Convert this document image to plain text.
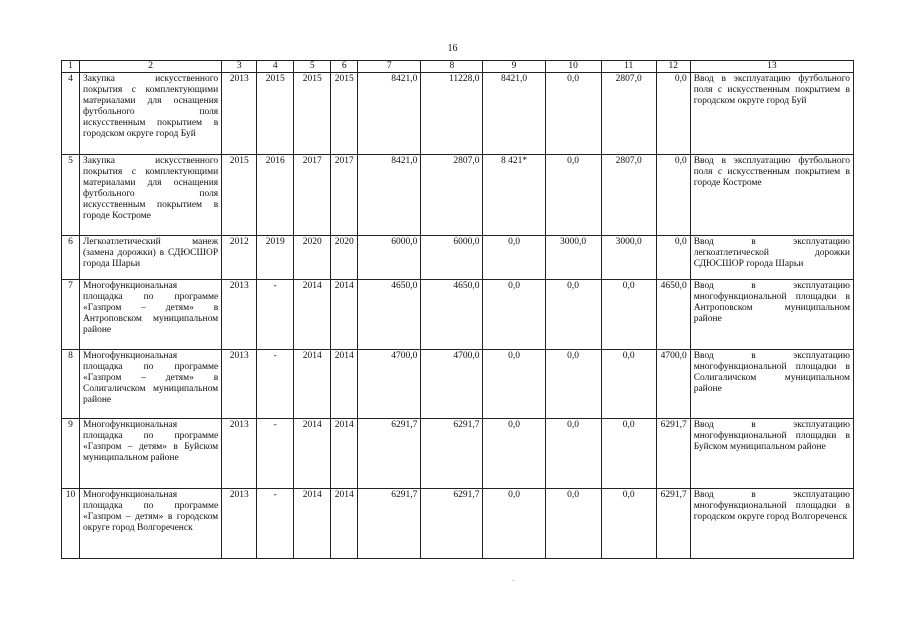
16
1	2	3	4	5	6	7	8	9	10	11	12	13
4	Закупка искусственного покрытия с комплектующими материалами для оснащения футбольного поля искусственным покрытием в городском округе город Буй	2013	2015	2015	2015	8421,0	11228,0	8421,0	0,0	2807,0	0,0	Ввод в эксплуатацию футбольного поля с искусственным покрытием в городском округе город Буй
5	Закупка искусственного покрытия с комплектующими материалами для оснащения футбольного поля искусственным покрытием в городе Костроме	2015	2016	2017	2017	8421,0	2807,0	8 421*	0,0	2807,0	0,0	Ввод в эксплуатацию футбольного поля с искусственным покрытием в городе Костроме
6	Легкоатлетический манеж (замена дорожки) в СДЮСШОР города Шарьи	2012	2019	2020	2020	6000,0	6000,0	0,0	3000,0	3000,0	0,0	Ввод в эксплуатацию легкоатлетической дорожки СДЮСШОР города Шарьи
7	Многофункциональная площадка по программе «Газпром – детям» в Антроповском муниципальном районе	2013	-	2014	2014	4650,0	4650,0	0,0	0,0	0,0	4650,0	Ввод в эксплуатацию многофункциональной площадки в Антроповском муниципальном районе
8	Многофункциональная площадка по программе «Газпром – детям» в Солигаличском муниципальном районе	2013	-	2014	2014	4700,0	4700,0	0,0	0,0	0,0	4700,0	Ввод в эксплуатацию многофункциональной площадки в Солигаличском муниципальном районе
9	Многофункциональная площадка по программе «Газпром – детям» в Буйском муниципальном районе	2013	-	2014	2014	6291,7	6291,7	0,0	0,0	0,0	6291,7	Ввод в эксплуатацию многофункциональной площадки в Буйском муниципальном районе
10	Многофункциональная площадка по программе «Газпром – детям» в городском округе город Волгореченск	2013	-	2014	2014	6291,7	6291,7	0,0	0,0	0,0	6291,7	Ввод в эксплуатацию многофункциональной площадки в городском округе город Волгореченск
·
